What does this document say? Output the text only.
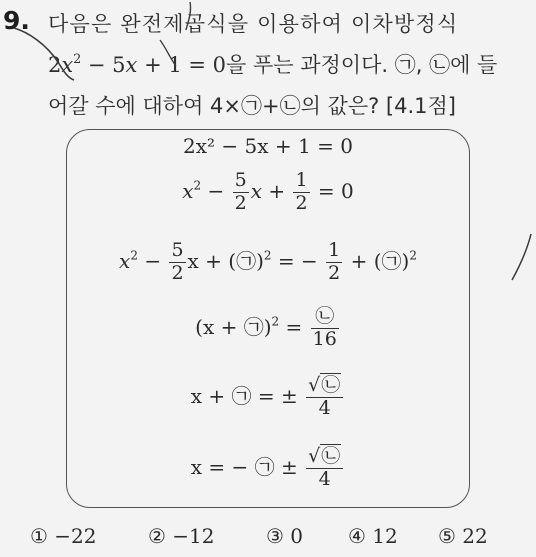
9. 다음은 완전제곱식을 이용하여 이차방정식
$2x^2 - 5x + 1 = 0$을 푸는 과정이다. ㉠, ㉡에 들
어갈 수에 대하여 4×㉠+㉡의 값은? [4.1점]
2x² − 5x + 1 = 0
$x^2 - \frac{5}{2}$ $x + \frac{1}{2} = 0$
$x^2 - \frac{5}{2}$ x + (㉠)$^2$ = − $\frac{1}{2}$ + (㉠)$^2$
(x + ㉠)$^2$ = $\frac{㉡}{16}$
x + ㉠ = ± $\frac{√㉡}{4}$
x = − ㉠ ± $\frac{√㉡}{4}$
① −22	② −12	③ 0 ④ 12 ⑤ 22
